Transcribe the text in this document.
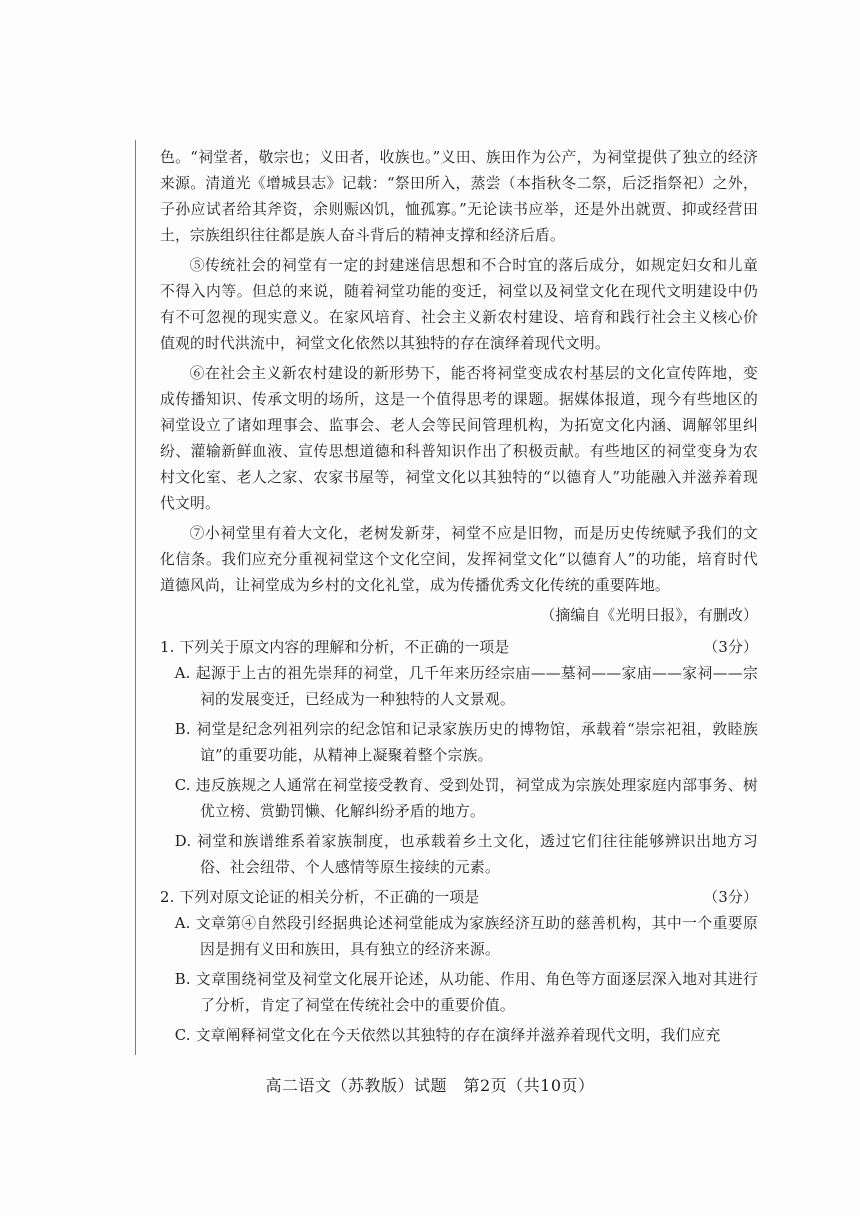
色。“祠堂者，敬宗也；义田者，收族也。”义田、族田作为公产，为祠堂提供了独立的经济来源。清道光《增城县志》记载：“祭田所入，蒸尝（本指秋冬二祭，后泛指祭祀）之外，子孙应试者给其斧资，余则赈凶饥，恤孤寡。”无论读书应举，还是外出就贾、抑或经营田土，宗族组织往往都是族人奋斗背后的精神支撑和经济后盾。

⑤传统社会的祠堂有一定的封建迷信思想和不合时宜的落后成分，如规定妇女和儿童不得入内等。但总的来说，随着祠堂功能的变迁，祠堂以及祠堂文化在现代文明建设中仍有不可忽视的现实意义。在家风培育、社会主义新农村建设、培育和践行社会主义核心价值观的时代洪流中，祠堂文化依然以其独特的存在演绎着现代文明。

⑥在社会主义新农村建设的新形势下，能否将祠堂变成农村基层的文化宣传阵地，变成传播知识、传承文明的场所，这是一个值得思考的课题。据媒体报道，现今有些地区的祠堂设立了诸如理事会、监事会、老人会等民间管理机构，为拓宽文化内涵、调解邻里纠纷、灌输新鲜血液、宣传思想道德和科普知识作出了积极贡献。有些地区的祠堂变身为农村文化室、老人之家、农家书屋等，祠堂文化以其独特的“以德育人”功能融入并滋养着现代文明。

⑦小祠堂里有着大文化，老树发新芽，祠堂不应是旧物，而是历史传统赋予我们的文化信条。我们应充分重视祠堂这个文化空间，发挥祠堂文化“以德育人”的功能，培育时代道德风尚，让祠堂成为乡村的文化礼堂，成为传播优秀文化传统的重要阵地。

（摘编自《光明日报》，有删改）

1. 下列关于原文内容的理解和分析，不正确的一项是	（3分）

A. 起源于上古的祖先崇拜的祠堂，几千年来历经宗庙——墓祠——家庙——家祠——宗祠的发展变迁，已经成为一种独特的人文景观。

B. 祠堂是纪念列祖列宗的纪念馆和记录家族历史的博物馆，承载着“崇宗祀祖，敦睦族谊”的重要功能，从精神上凝聚着整个宗族。

C. 违反族规之人通常在祠堂接受教育、受到处罚，祠堂成为宗族处理家庭内部事务、树优立榜、赏勤罚懒、化解纠纷矛盾的地方。

D. 祠堂和族谱维系着家族制度，也承载着乡土文化，透过它们往往能够辨识出地方习俗、社会纽带、个人感情等原生接续的元素。

2. 下列对原文论证的相关分析，不正确的一项是	（3分）

A. 文章第④自然段引经据典论述祠堂能成为家族经济互助的慈善机构，其中一个重要原因是拥有义田和族田，具有独立的经济来源。

B. 文章围绕祠堂及祠堂文化展开论述，从功能、作用、角色等方面逐层深入地对其进行了分析，肯定了祠堂在传统社会中的重要价值。

C. 文章阐释祠堂文化在今天依然以其独特的存在演绎并滋养着现代文明，我们应充

高二语文（苏教版）试题　第2页（共10页）
